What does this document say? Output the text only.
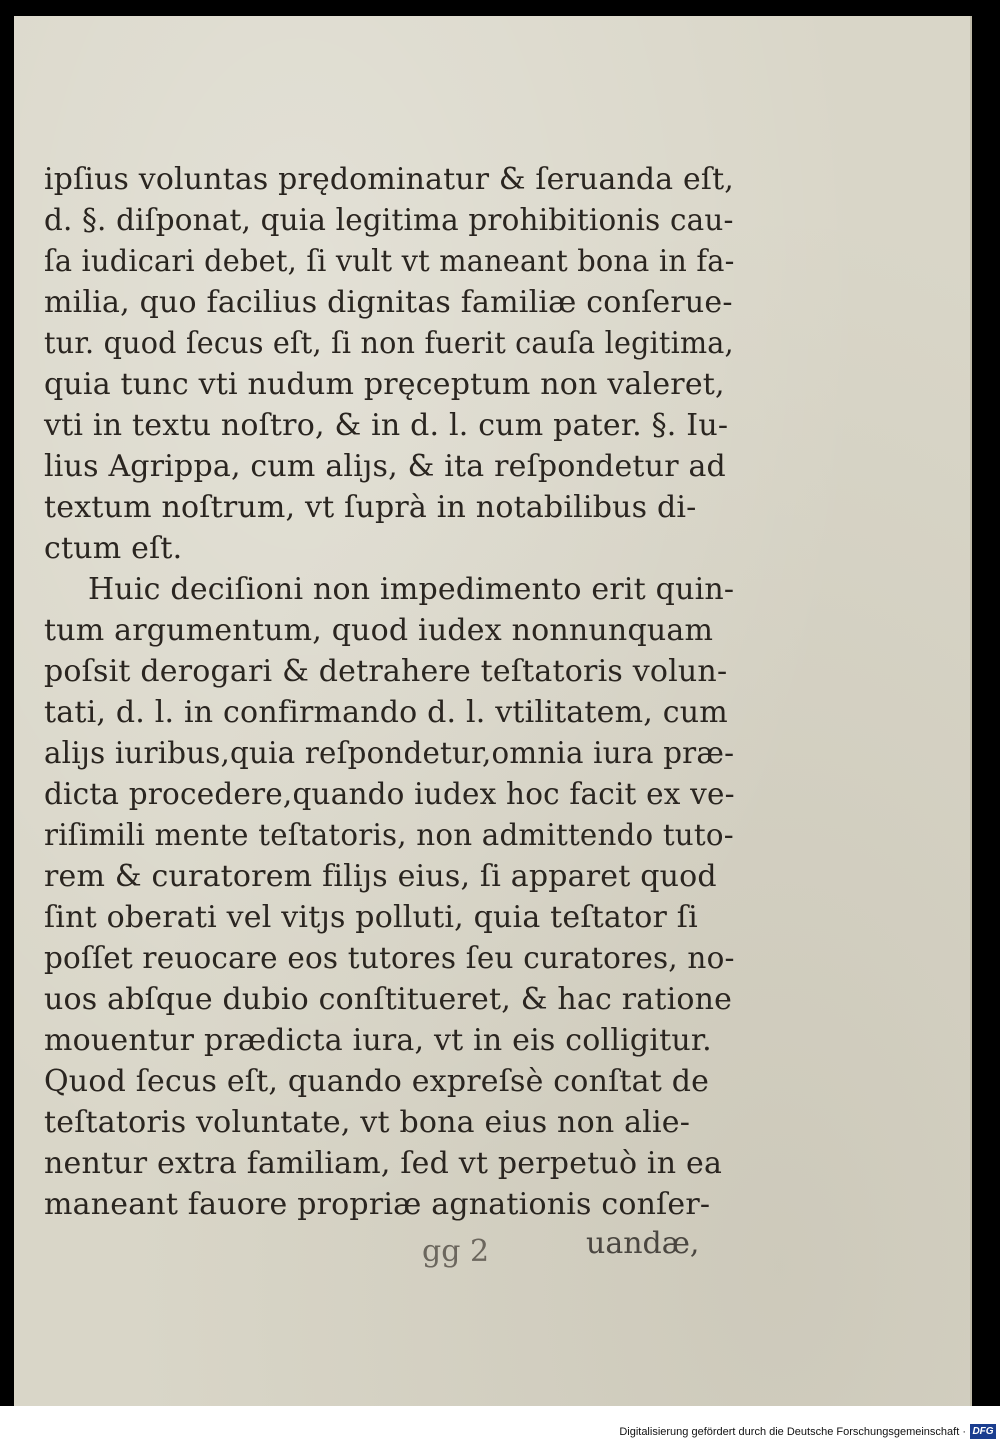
ipſius voluntas prędominatur & ſeruanda eſt,
d. §. diſponat, quia legitima prohibitionis cau-
ſa iudicari debet, ſi vult vt maneant bona in fa-
milia, quo facilius dignitas familiæ conſerue-
tur. quod ſecus eſt, ſi non fuerit cauſa legitima,
quia tunc vti nudum pręceptum non valeret,
vti in textu noſtro, & in d. l. cum pater. §. Iu-
lius Agrippa, cum aliȷs, & ita reſpondetur ad
textum noſtrum, vt ſuprà in notabilibus di-
ctum eſt.
Huic deciſioni non impedimento erit quin-
tum argumentum, quod iudex nonnunquam
poſsit derogari & detrahere teſtatoris volun-
tati, d. l. in confirmando d. l. vtilitatem, cum
aliȷs iuribus,quia reſpondetur,omnia iura præ-
dicta procedere,quando iudex hoc facit ex ve-
riſimili mente teſtatoris, non admittendo tuto-
rem & curatorem filiȷs eius, ſi apparet quod
ſint oberati vel vitȷs polluti, quia teſtator ſi
poſſet reuocare eos tutores ſeu curatores, no-
uos abſque dubio conſtitueret, & hac ratione
mouentur prædicta iura, vt in eis colligitur.
Quod ſecus eſt, quando expreſsè conſtat de
teſtatoris voluntate, vt bona eius non alie-
nentur extra familiam, ſed vt perpetuò in ea
maneant fauore propriæ agnationis conſer-
gg 2	uandæ,
Digitalisierung gefördert durch die Deutsche Forschungsgemeinschaft · DFG
